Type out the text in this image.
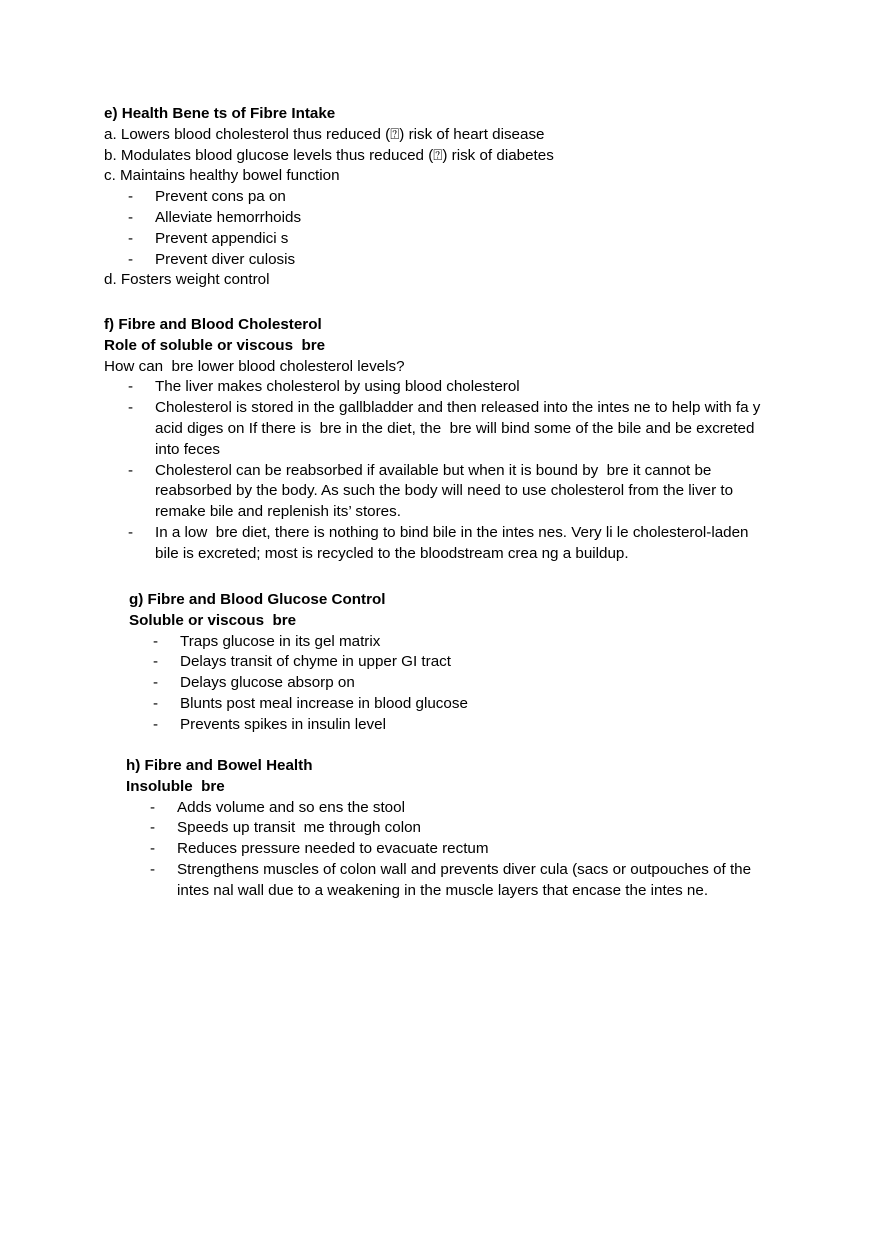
e) Health Bene ts of Fibre Intake

a. Lowers blood cholesterol thus reduced (⍰) risk of heart disease

b. Modulates blood glucose levels thus reduced (⍰) risk of diabetes

c. Maintains healthy bowel function

- Prevent cons pa on
- Alleviate hemorrhoids
- Prevent appendici s
- Prevent diver culosis

d. Fosters weight control

f) Fibre and Blood Cholesterol

Role of soluble or viscous  bre

How can  bre lower blood cholesterol levels?

- The liver makes cholesterol by using blood cholesterol
- Cholesterol is stored in the gallbladder and then released into the intes ne to help with fa y acid diges on If there is  bre in the diet, the  bre will bind some of the bile and be excreted into feces
- Cholesterol can be reabsorbed if available but when it is bound by  bre it cannot be reabsorbed by the body. As such the body will need to use cholesterol from the liver to remake bile and replenish its’ stores.
- In a low  bre diet, there is nothing to bind bile in the intes nes. Very li le cholesterol-laden bile is excreted; most is recycled to the bloodstream crea ng a buildup.

g) Fibre and Blood Glucose Control

Soluble or viscous  bre

- Traps glucose in its gel matrix
- Delays transit of chyme in upper GI tract
- Delays glucose absorp on
- Blunts post meal increase in blood glucose
- Prevents spikes in insulin level

h) Fibre and Bowel Health

Insoluble  bre

- Adds volume and so ens the stool
- Speeds up transit  me through colon
- Reduces pressure needed to evacuate rectum
- Strengthens muscles of colon wall and prevents diver cula (sacs or outpouches of the intes nal wall due to a weakening in the muscle layers that encase the intes ne.
